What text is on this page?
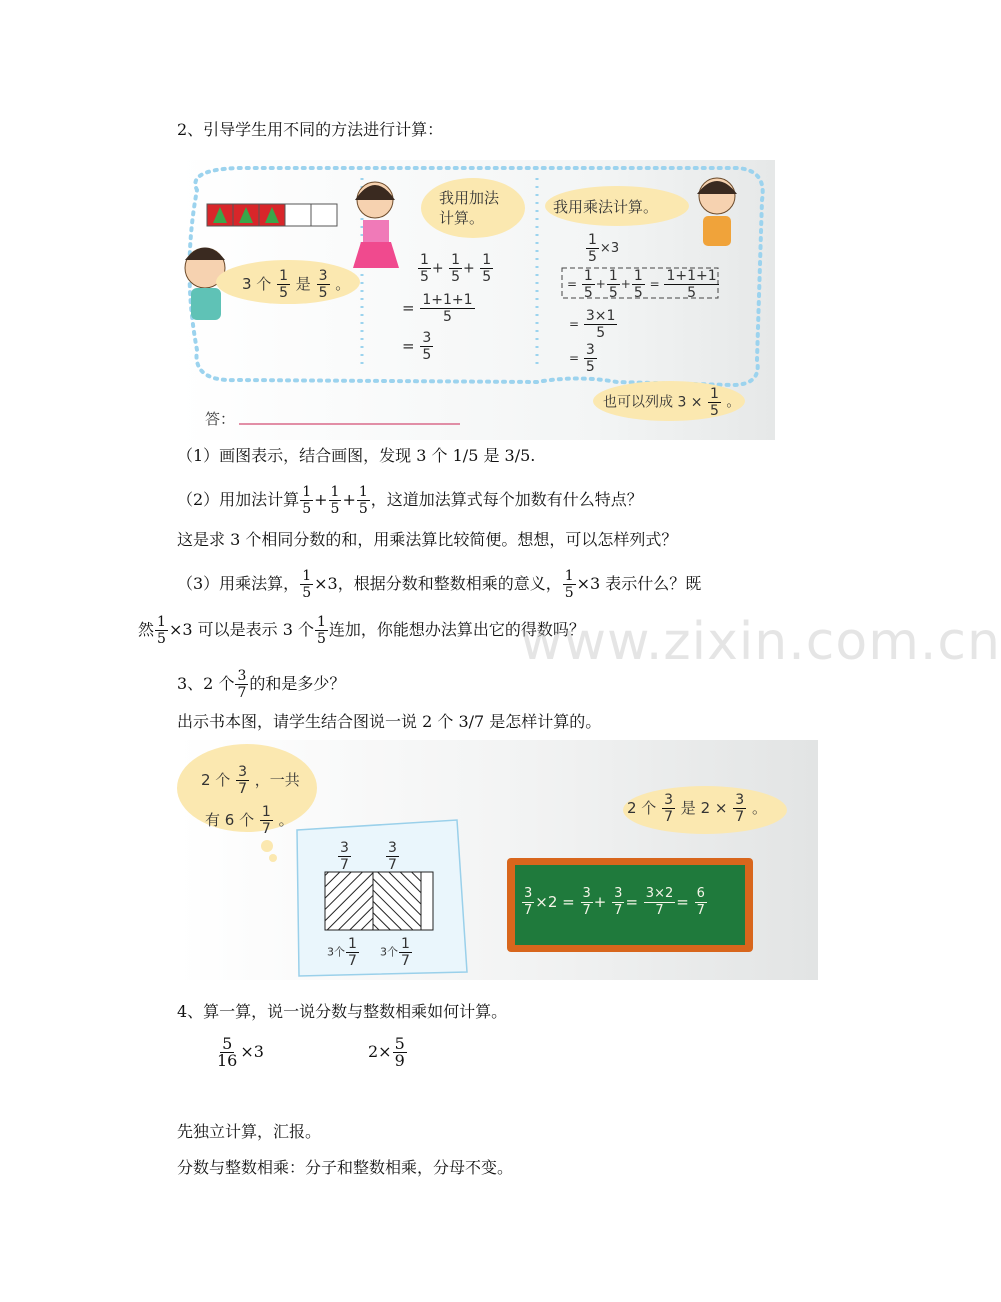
2、引导学生用不同的方法进行计算：
3 个 $\frac{1}{5}$ 是 $\frac{3}{5}$ 。
我用加法计算。
我用乘法计算。
$\frac{1}{5} + \frac{1}{5} + \frac{1}{5}$
= $\frac{1+1+1}{5}$
= $\frac{3}{5}$
$\frac{1}{5} \times 3$
= $\frac{1}{5} + \frac{1}{5} + \frac{1}{5} = \frac{1+1+1}{5}$
= $\frac{3\times 1}{5}$
= $\frac{3}{5}$
也可以列成 $3 \times \frac{1}{5}$ 。
答：
（1）画图表示，结合画图，发现 3 个 1/5 是 3/5.
（2）用加法计算 $\frac{1}{5} + \frac{1}{5} + \frac{1}{5}$ ，这道加法算式每个加数有什么特点？
这是求 3 个相同分数的和，用乘法算比较简便。想想，可以怎样列式？
（3）用乘法算， $\frac{1}{5} \times 3$，根据分数和整数相乘的意义， $\frac{1}{5} \times 3$ 表示什么？既
然 $\frac{1}{5} \times 3$ 可以是表示 3 个 $\frac{1}{5}$ 连加，你能想办法算出它的得数吗？
3、2 个 $\frac{3}{7}$ 的和是多少？
出示书本图，请学生结合图说一说 2 个 3/7 是怎样计算的。
2 个 $\frac{3}{7}$ ，一共
有 6 个 $\frac{1}{7}$ 。
2 个 $\frac{3}{7}$ 是 $2 \times \frac{3}{7}$ 。
$\frac{3}{7}$	$\frac{3}{7}$
3个 $\frac{1}{7} 3$个 $\frac{1}{7}$
$\frac{3}{7} \times 2 = \frac{3}{7} + \frac{3}{7} = \frac{3\times 2}{7} = \frac{6}{7}$
4、算一算，说一说分数与整数相乘如何计算。
$\frac{5}{16} \times 3$	$2\times \frac{5}{9}$
先独立计算，汇报。
分数与整数相乘：分子和整数相乘，分母不变。
www.zixin.com.cn
